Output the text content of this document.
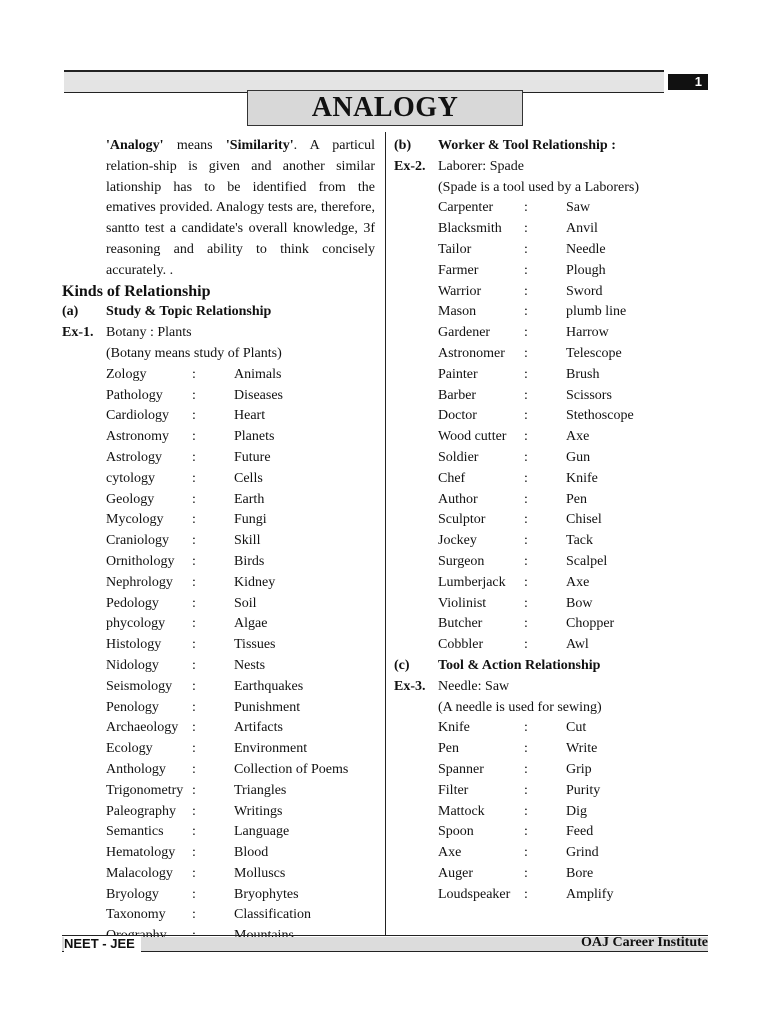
1
ANALOGY

'Analogy' means 'Similarity'. A particul relation-ship is given and another similar lationship has to be identified from the ematives provided. Analogy tests are, therefore, santto test a candidate's overall knowledge, 3f reasoning and ability to think concisely accurately. .

Kinds of Relationship
(a) Study & Topic Relationship
Ex-1. Botany : Plants
(Botany means study of Plants)
Zology	:	Animals
Pathology :	Diseases
Cardiology :	Heart
Astronomy :	Planets
Astrology :	Future
cytology	:	Cells
Geology	:	Earth
Mycology :	Fungi
Craniology :	Skill
Ornithology :	Birds
Nephrology :	Kidney
Pedology :	Soil
phycology :	Algae
Histology :	Tissues
Nidology :	Nests
Seismology :	Earthquakes
Penology :	Punishment
Archaeology :	Artifacts
Ecology	:	Environment
Anthology :	Collection of Poems
Trigonometry :	Triangles
Paleography :	Writings
Semantics :	Language
Hematology :	Blood
Malacology :	Molluscs
Bryology :	Bryophytes
Taxonomy :	Classification
(b) Worker & Tool Relationship :
Ex-2. Laborer: Spade
(Spade is a tool used by a Laborers)
Carpenter :	Saw
Blacksmith :	Anvil
Tailor	:	Needle
Farmer	:	Plough
Warrior	:	Sword
Mason	:	plumb line
Gardener :	Harrow
Astronomer :	Telescope
Painter	:	Brush
Barber	:	Scissors
Doctor	:	Stethoscope
Wood cutter :	Axe
Soldier	:	Gun
Chef	:	Knife
Author	:	Pen
Sculptor	:	Chisel
Jockey	:	Tack
Surgeon	:	Scalpel
Lumberjack :	Axe
Violinist	:	Bow
Butcher	:	Chopper
Cobbler	:	Awl
(c) Tool & Action Relationship
Ex-3. Needle: Saw
(A needle is used for sewing)
Knife	:	Cut
Pen	:	Write
Spanner	:	Grip
Filter	:	Purity
Mattock	:	Dig
Spoon	:	Feed
Axe	:	Grind
Auger	:	Bore
Loudspeaker :	Amplify
NEET - JEE	OAJ Career Institute
